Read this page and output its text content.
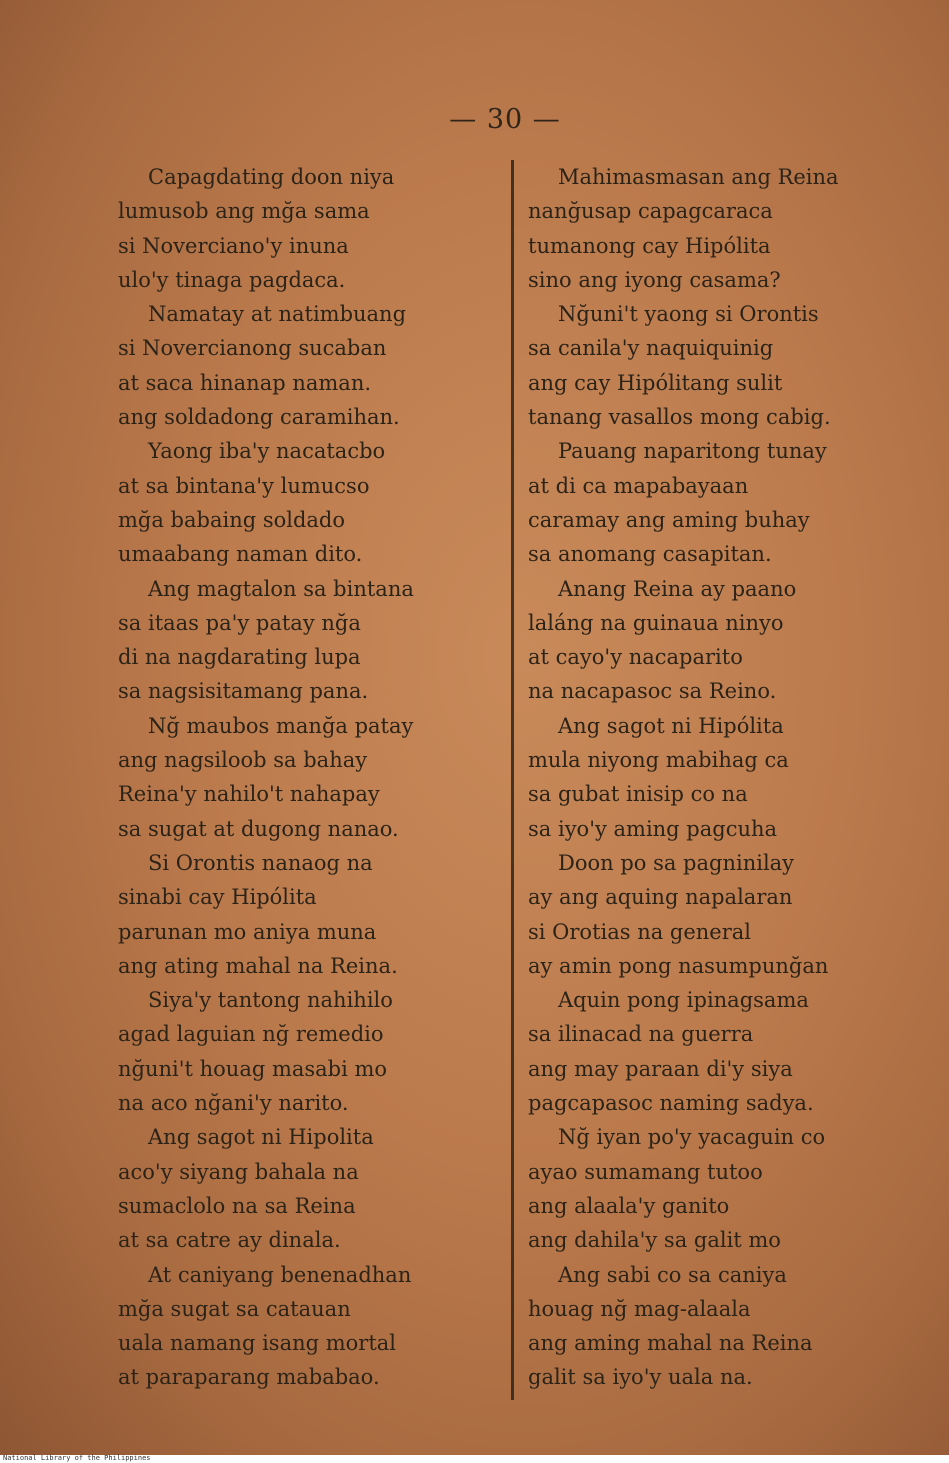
— 30 —
Capagdating doon niya
lumusob ang mğa sama
si Noverciano'y inuna
ulo'y tinaga pagdaca.
Namatay at natimbuang
si Novercianong sucaban
at saca hinanap naman.
ang soldadong caramihan.
Yaong iba'y nacatacbo
at sa bintana'y lumucso
mğa babaing soldado
umaabang naman dito.
Ang magtalon sa bintana
sa itaas pa'y patay nğa
di na nagdarating lupa
sa nagsisitamang pana.
Nğ maubos manğa patay
ang nagsiloob sa bahay
Reina'y nahilo't nahapay
sa sugat at dugong nanao.
Si Orontis nanaog na
sinabi cay Hipólita
parunan mo aniya muna
ang ating mahal na Reina.
Siya'y tantong nahihilo
agad laguian nğ remedio
nğuni't houag masabi mo
na aco nğani'y narito.
Ang sagot ni Hipolita
aco'y siyang bahala na
sumaclolo na sa Reina
at sa catre ay dinala.
At caniyang benenadhan
mğa sugat sa catauan
uala namang isang mortal
at paraparang mababao.
Mahimasmasan ang Reina
nanğusap capagcaraca
tumanong cay Hipólita
sino ang iyong casama?
Nğuni't yaong si Orontis
sa canila'y naquiquinig
ang cay Hipólitang sulit
tanang vasallos mong cabig.
Pauang naparitong tunay
at di ca mapabayaan
caramay ang aming buhay
sa anomang casapitan.
Anang Reina ay paano
laláng na guinaua ninyo
at cayo'y nacaparito
na nacapasoc sa Reino.
Ang sagot ni Hipólita
mula niyong mabihag ca
sa gubat inisip co na
sa iyo'y aming pagcuha
Doon po sa pagninilay
ay ang aquing napalaran
si Orotias na general
ay amin pong nasumpunğan
Aquin pong ipinagsama
sa ilinacad na guerra
ang may paraan di'y siya
pagcapasoc naming sadya.
Nğ iyan po'y yacaguin co
ayao sumamang tutoo
ang alaala'y ganito
ang dahila'y sa galit mo
Ang sabi co sa caniya
houag nğ mag-alaala
ang aming mahal na Reina
galit sa iyo'y uala na.
National Library of the Philippines
